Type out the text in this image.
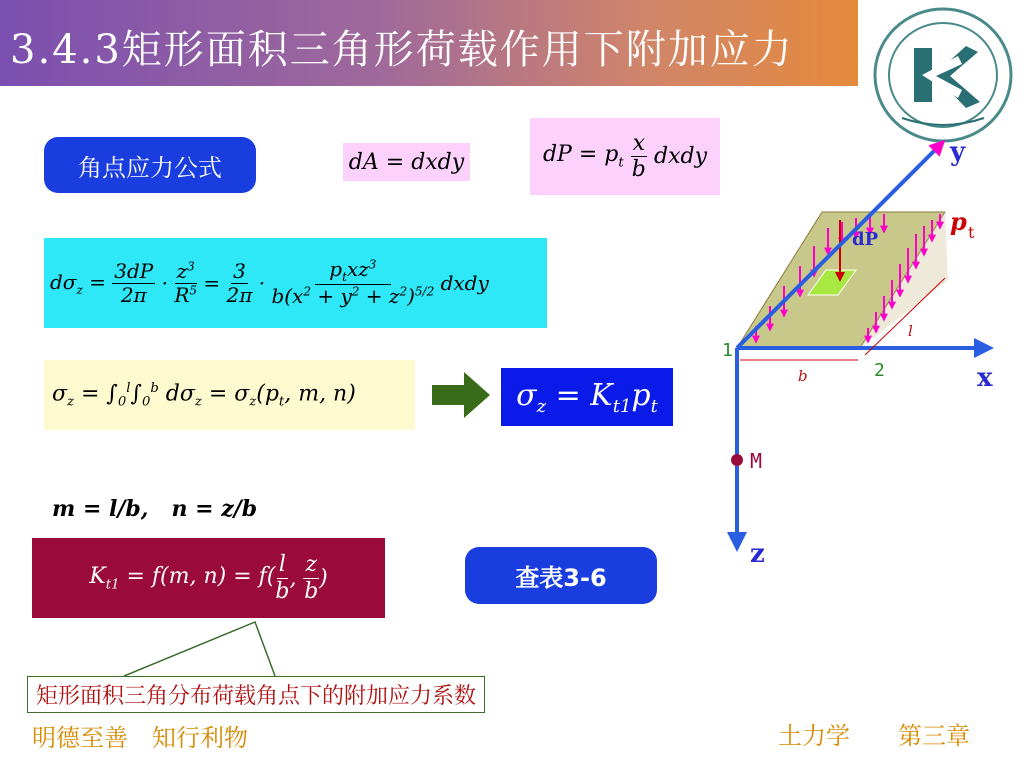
3.4.3矩形面积三角形荷载作用下附加应力
角点应力公式	dA = dxdy	dP = $p_t \frac{x}{b}$ dxdy
$d\sigma_z = \frac{3dP}{2\pi} \cdot \frac{z^3}{R^5} = \frac{3}{2\pi} \cdot \frac{p_txz^3}{b(x^2 + y^2 + z^2)^{5/2}}$ dxdy
$\sigma_z = \int_0^l\int_0^b$ $d\sigma_z = \sigma_z(p_t$, m, n)	$\sigma_z = K_{t1}p_t$
m = l/b,   n = z/b
$K_{t1} = f(m$, $n) = f( \frac{l}{b}$ , $\frac{z}{b}$ )	查表3-6
矩形面积三角分布荷载角点下的附加应力系数
明德至善　知行利物	土力学　　第三章
y
x
z
dP
p t
1
2
b
l
M
